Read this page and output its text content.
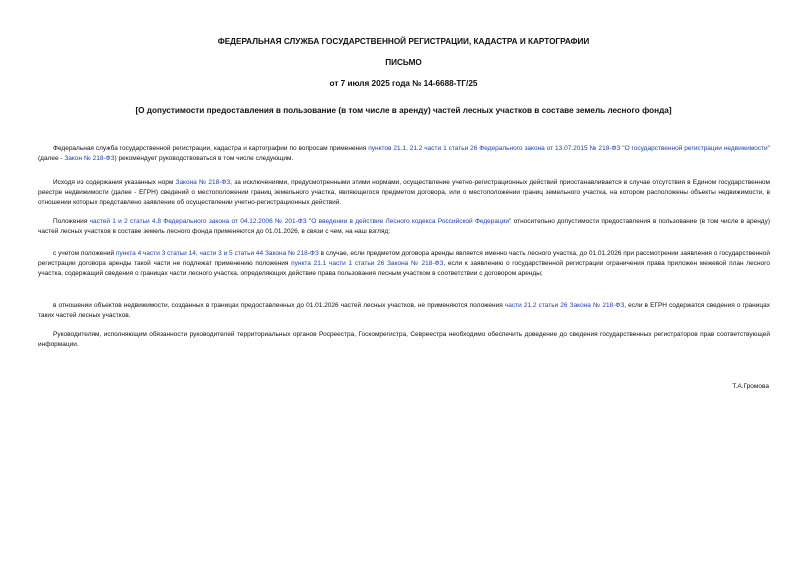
ФЕДЕРАЛЬНАЯ СЛУЖБА ГОСУДАРСТВЕННОЙ РЕГИСТРАЦИИ, КАДАСТРА И КАРТОГРАФИИ
ПИСЬМО
от 7 июля 2025 года № 14-6688-ТГ/25
[О допустимости предоставления в пользование (в том числе в аренду) частей лесных участков в составе земель лесного фонда]
Федеральная служба государственной регистрации, кадастра и картографии по вопросам применения пунктов 21.1, 21.2 части 1 статьи 26 Федерального закона от 13.07.2015 № 218-ФЗ "О государственной регистрации недвижимости" (далее - Закон № 218-ФЗ) рекомендует руководствоваться в том числе следующим.
Исходя из содержания указанных норм Закона № 218-ФЗ, за исключениями, предусмотренными этими нормами, осуществление учетно-регистрационных действий приостанавливается в случае отсутствия в Едином государственном реестре недвижимости (далее - ЕГРН) сведений о местоположении границ земельного участка, являющегося предметом договора, или о местоположении границ земельного участка, на котором расположены объекты недвижимости, в отношении которых представлено заявление об осуществлении учетно-регистрационных действий.
Положения частей 1 и 2 статьи 4.8 Федерального закона от 04.12.2006 № 201-ФЗ "О введении в действие Лесного кодекса Российской Федерации" относительно допустимости предоставления в пользование (в том числе в аренду) частей лесных участков в составе земель лесного фонда применяются до 01.01.2026, в связи с чем, на наш взгляд:
с учетом положений пункта 4 части 3 статьи 14, части 3 и 5 статьи 44 Закона № 218-ФЗ в случае, если предметом договора аренды является именно часть лесного участка, до 01.01.2026 при рассмотрении заявления о государственной регистрации договора аренды такой части не подлежат применению положения пункта 21.1 части 1 статьи 26 Закона № 218-ФЗ, если к заявлению о государственной регистрации ограничения права приложен межевой план лесного участка, содержащий сведения о границах части лесного участка, определяющих действие права пользования лесным участком в соответствии с договором аренды;
в отношении объектов недвижимости, созданных в границах предоставленных до 01.01.2026 частей лесных участков, не применяются положения части 21.2 статьи 26 Закона № 218-ФЗ, если в ЕГРН содержатся сведения о границах таких частей лесных участков.
Руководителям, исполняющим обязанности руководителей территориальных органов Росреестра, Госкомрегистра, Севреестра необходимо обеспечить доведение до сведения государственных регистраторов прав соответствующей информации.
Т.А.Громова
